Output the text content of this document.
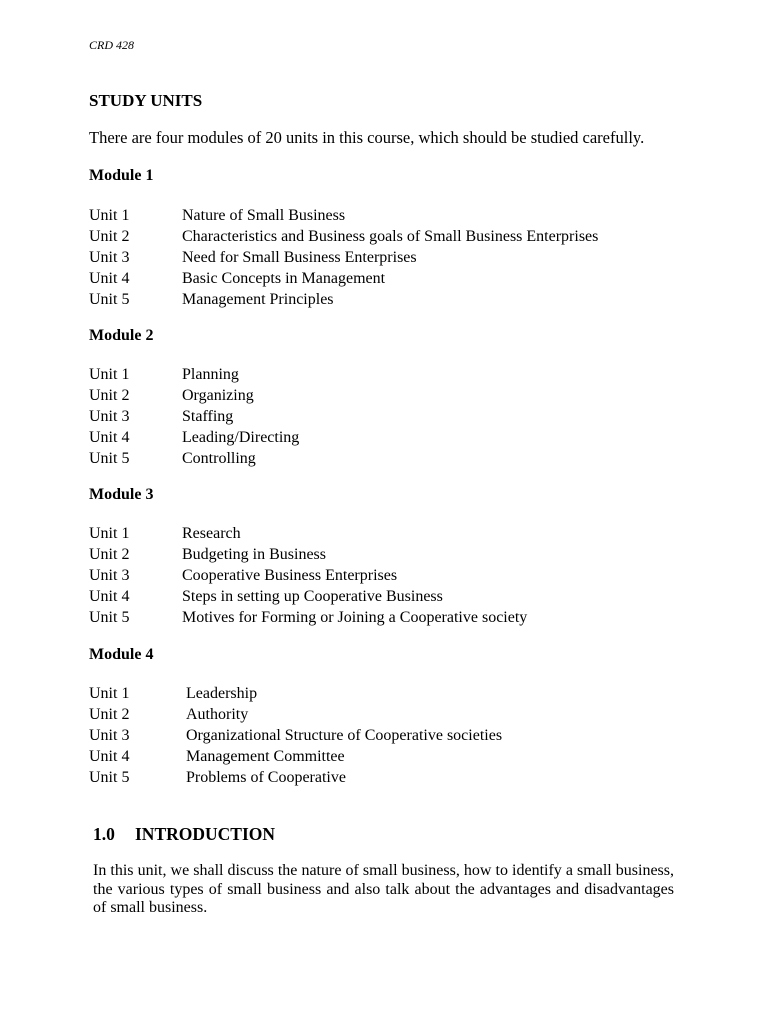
CRD 428
STUDY UNITS
There are four modules of 20 units in this course, which should be studied carefully.
Module 1
Unit 1	Nature of Small Business
Unit 2	Characteristics and Business goals of Small Business Enterprises
Unit 3	Need for Small Business Enterprises
Unit 4	Basic Concepts in Management
Unit 5	Management Principles
Module 2
Unit 1	Planning
Unit 2	Organizing
Unit 3	Staffing
Unit 4	Leading/Directing
Unit 5	Controlling
Module 3
Unit 1	Research
Unit 2	Budgeting in Business
Unit 3	Cooperative Business Enterprises
Unit 4	Steps in setting up Cooperative Business
Unit 5	Motives for Forming or Joining a Cooperative society
Module 4
Unit 1	Leadership
Unit 2	Authority
Unit 3	Organizational Structure of Cooperative societies
Unit 4	Management Committee
Unit 5	Problems of Cooperative
1.0 INTRODUCTION
In this unit, we shall discuss the nature of small business, how to identify a small business, the various types of small business and also talk about the advantages and disadvantages of small business.
